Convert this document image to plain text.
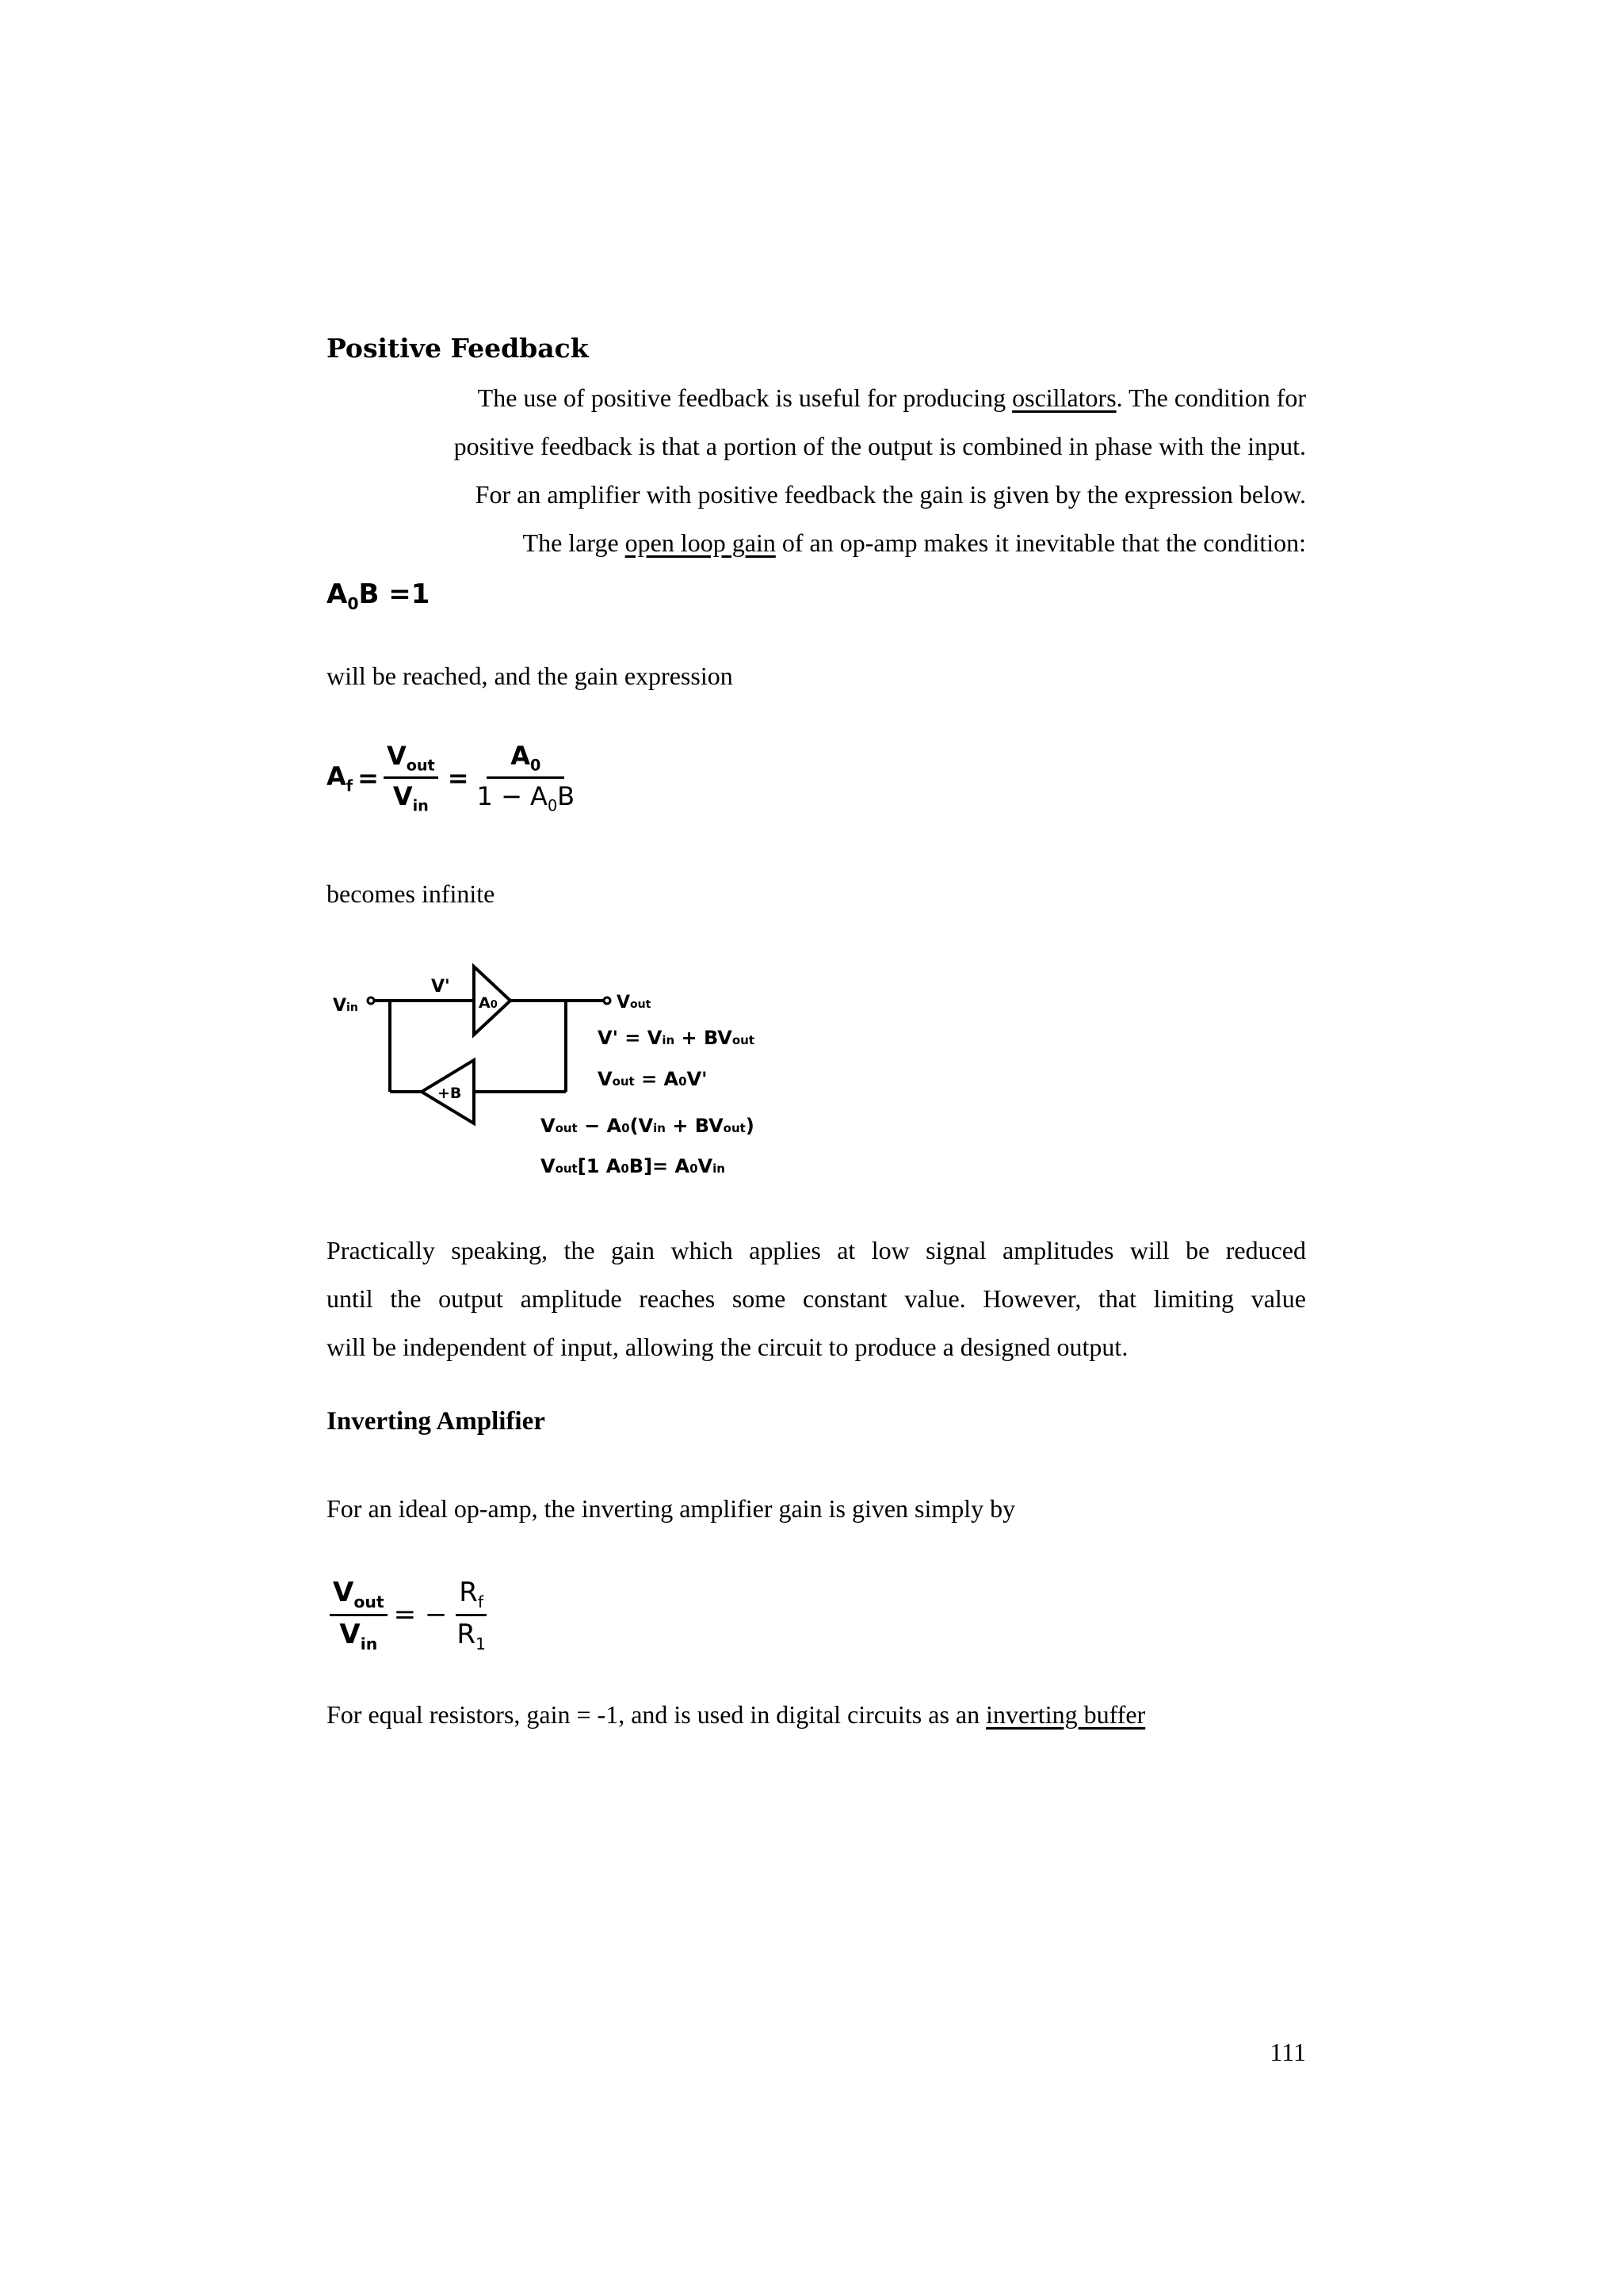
Positive Feedback
The use of positive feedback is useful for producing oscillators. The condition for
positive feedback is that a portion of the output is combined in phase with the input.
For an amplifier with positive feedback the gain is given by the expression below.
The large open loop gain of an op-amp makes it inevitable that the condition:
$A_0B =1$
will be reached, and the gain expression
$A_f = \frac{V_{out}}{V_{in}} = \frac{A_0}{1 - A_0B}$
becomes infinite
Vin
V'
A0	Vout
+B
V' = Vin + BVout
Vout = A0V'
Vout − A0(Vin + BVout)
Vout[1 A0B]= A0Vin
Practically speaking, the gain which applies at low signal amplitudes will be reduced
until the output amplitude reaches some constant value. However, that limiting value
will be independent of input, allowing the circuit to produce a designed output.
Inverting Amplifier
For an ideal op-amp, the inverting amplifier gain is given simply by
$\frac{V_{out}}{V_{in}}$ = − $\frac{R_f}{R_1}$
For equal resistors, gain = -1, and is used in digital circuits as an inverting buffer
111
